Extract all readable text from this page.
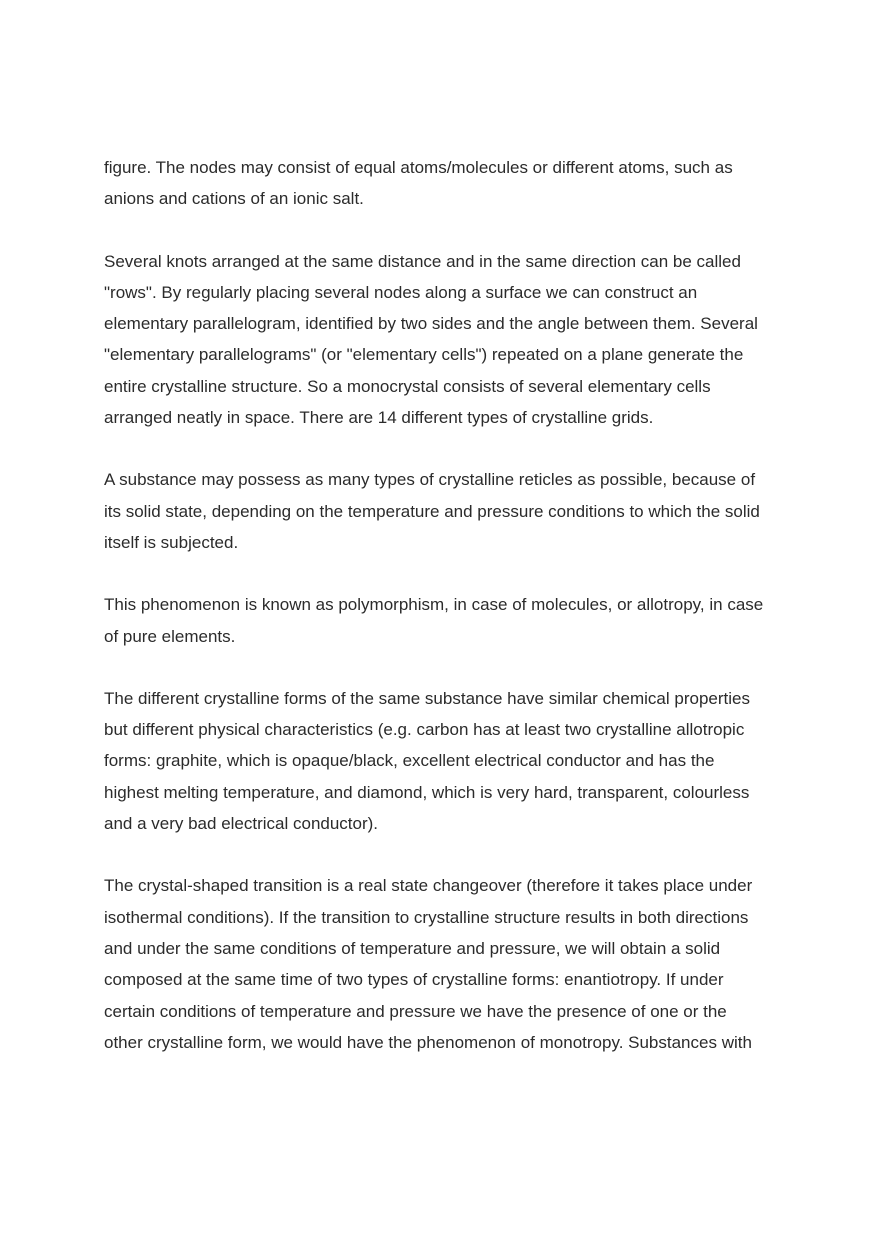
figure. The nodes may consist of equal atoms/molecules or different atoms, such as
anions and cations of an ionic salt.

Several knots arranged at the same distance and in the same direction can be called
"rows". By regularly placing several nodes along a surface we can construct an
elementary parallelogram, identified by two sides and the angle between them. Several
"elementary parallelograms" (or "elementary cells") repeated on a plane generate the
entire crystalline structure. So a monocrystal consists of several elementary cells
arranged neatly in space. There are 14 different types of crystalline grids.

A substance may possess as many types of crystalline reticles as possible, because of
its solid state, depending on the temperature and pressure conditions to which the solid
itself is subjected.

This phenomenon is known as polymorphism, in case of molecules, or allotropy, in case
of pure elements.

The different crystalline forms of the same substance have similar chemical properties
but different physical characteristics (e.g. carbon has at least two crystalline allotropic
forms: graphite, which is opaque/black, excellent electrical conductor and has the
highest melting temperature, and diamond, which is very hard, transparent, colourless
and a very bad electrical conductor).

The crystal-shaped transition is a real state changeover (therefore it takes place under
isothermal conditions). If the transition to crystalline structure results in both directions
and under the same conditions of temperature and pressure, we will obtain a solid
composed at the same time of two types of crystalline forms: enantiotropy. If under
certain conditions of temperature and pressure we have the presence of one or the
other crystalline form, we would have the phenomenon of monotropy. Substances with
